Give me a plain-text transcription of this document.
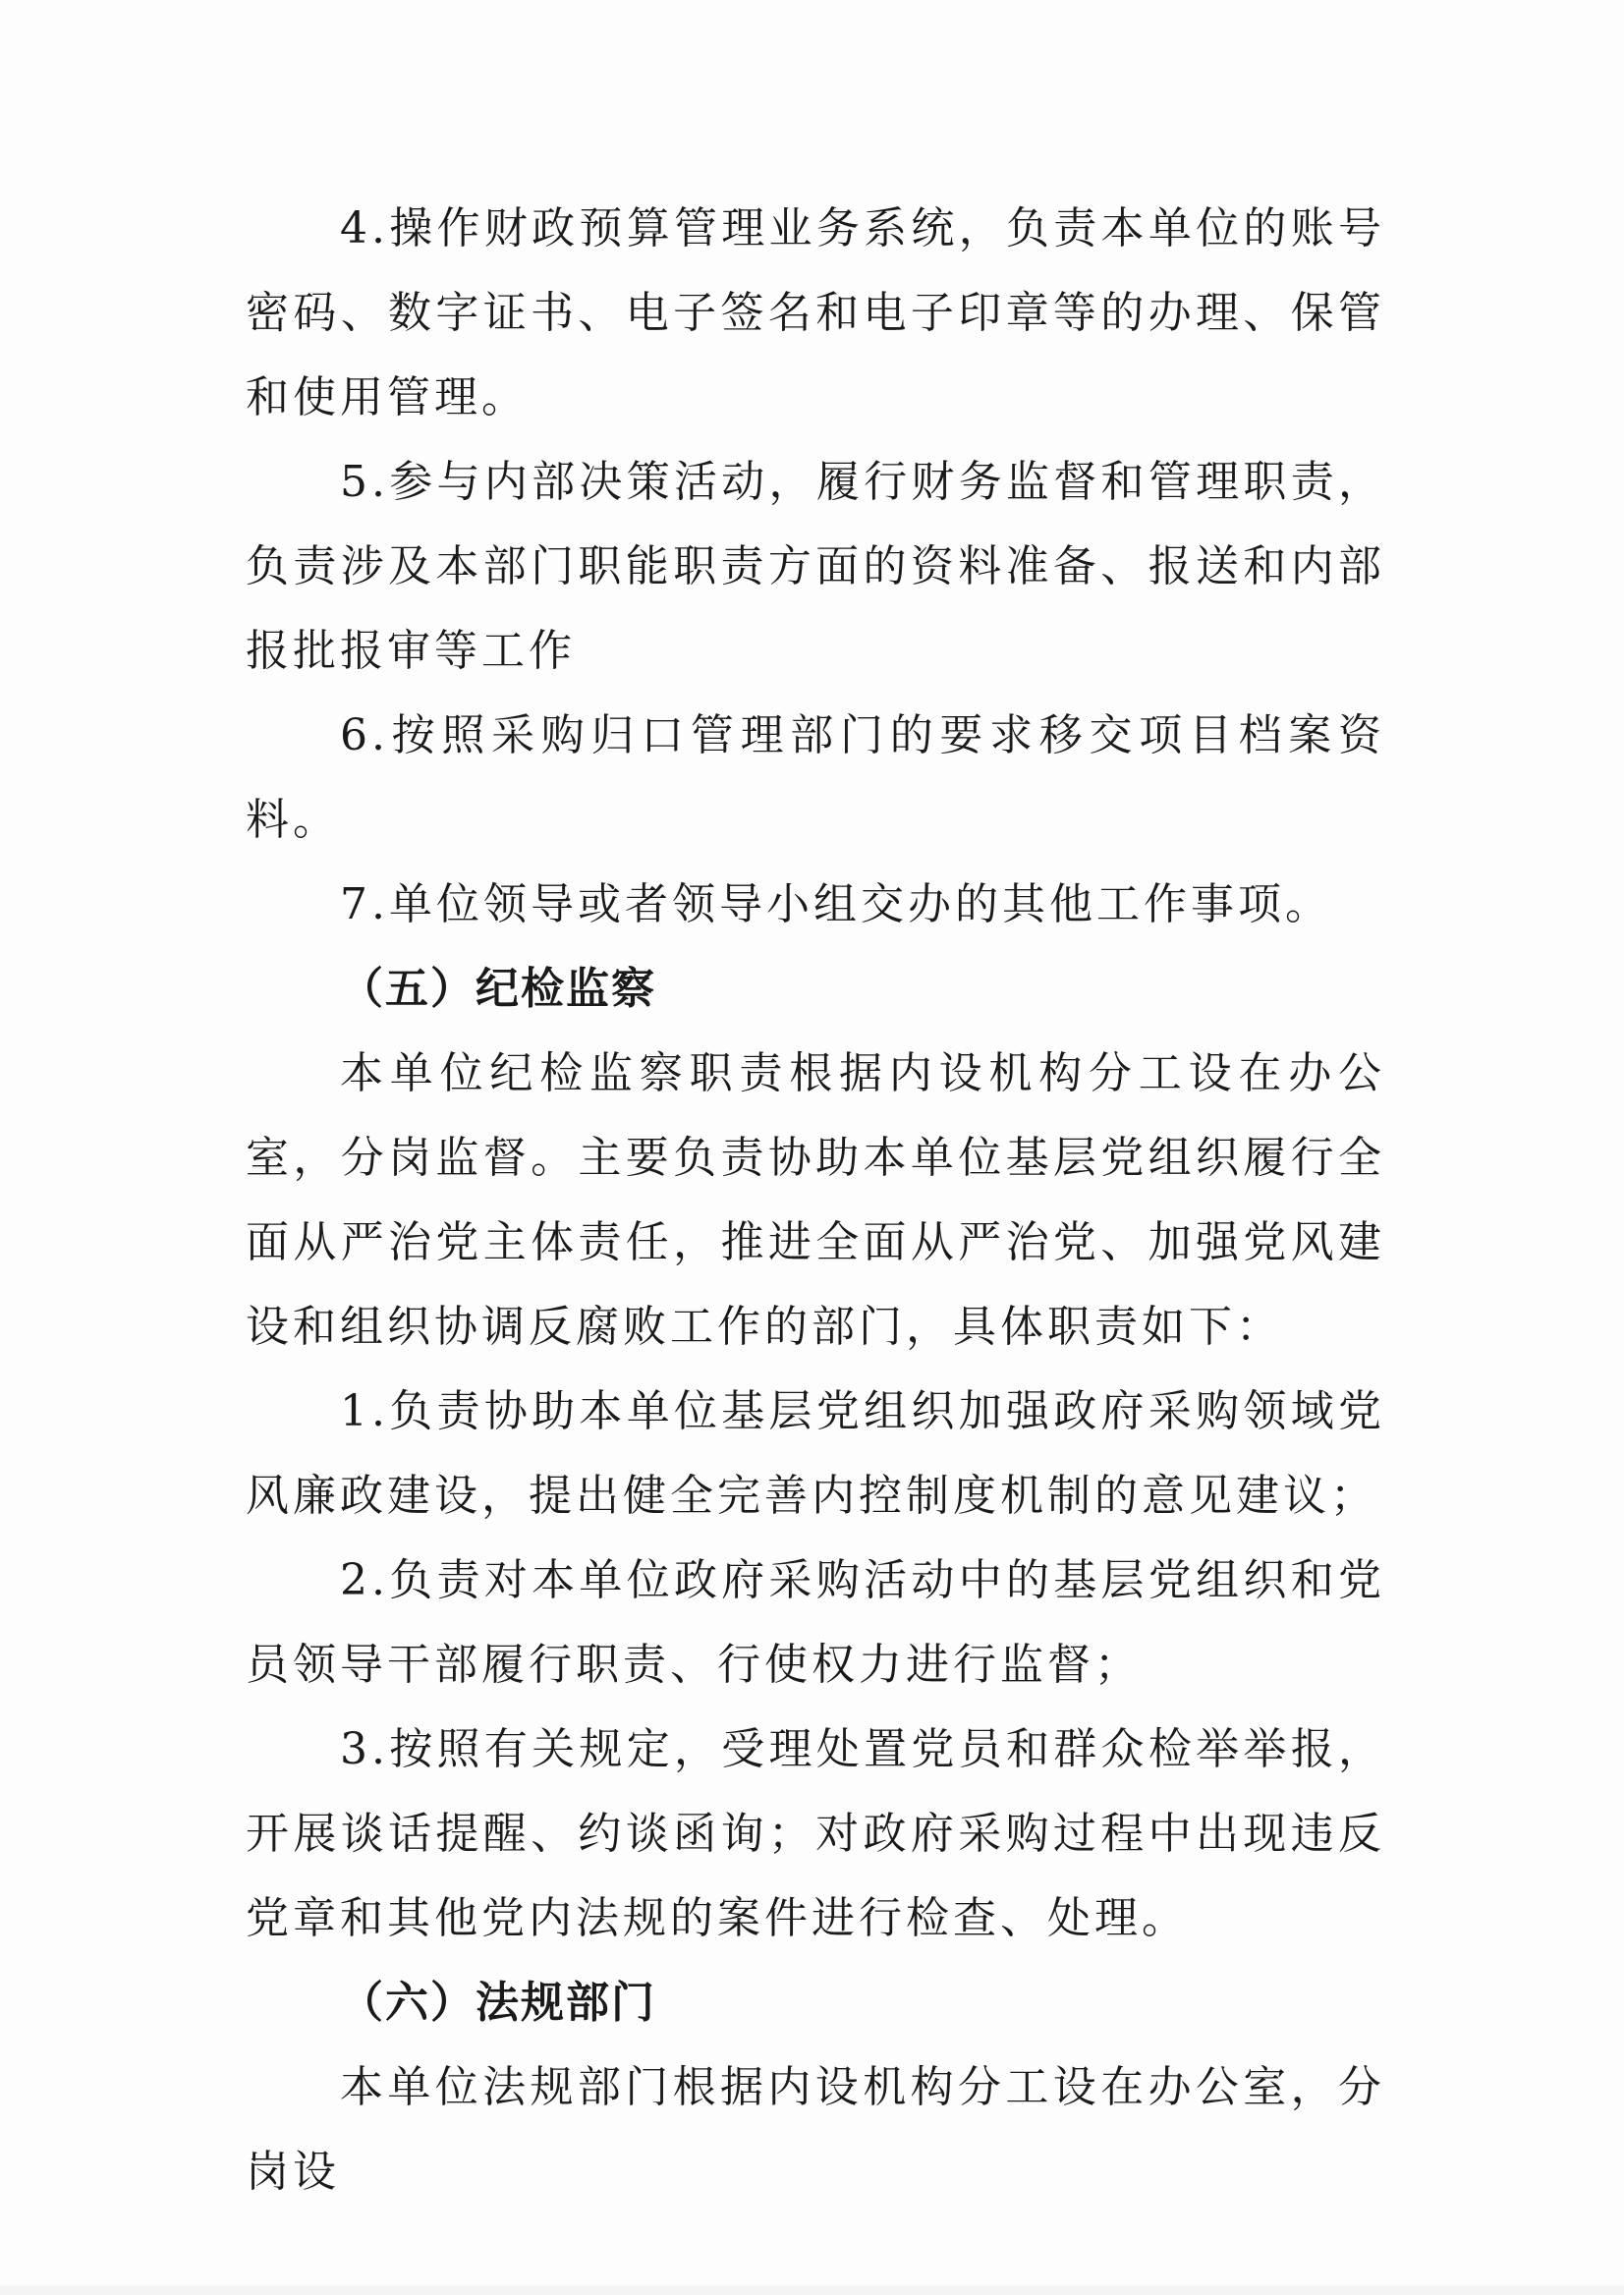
4.操作财政预算管理业务系统，负责本单位的账号密码、数字证书、电子签名和电子印章等的办理、保管和使用管理。

5.参与内部决策活动，履行财务监督和管理职责，负责涉及本部门职能职责方面的资料准备、报送和内部报批报审等工作

6.按照采购归口管理部门的要求移交项目档案资料。

7.单位领导或者领导小组交办的其他工作事项。

（五）纪检监察

本单位纪检监察职责根据内设机构分工设在办公室，分岗监督。主要负责协助本单位基层党组织履行全面从严治党主体责任，推进全面从严治党、加强党风建设和组织协调反腐败工作的部门，具体职责如下：

1.负责协助本单位基层党组织加强政府采购领域党风廉政建设，提出健全完善内控制度机制的意见建议；

2.负责对本单位政府采购活动中的基层党组织和党员领导干部履行职责、行使权力进行监督；

3.按照有关规定，受理处置党员和群众检举举报，开展谈话提醒、约谈函询；对政府采购过程中出现违反党章和其他党内法规的案件进行检查、处理。

（六）法规部门

本单位法规部门根据内设机构分工设在办公室，分岗设
